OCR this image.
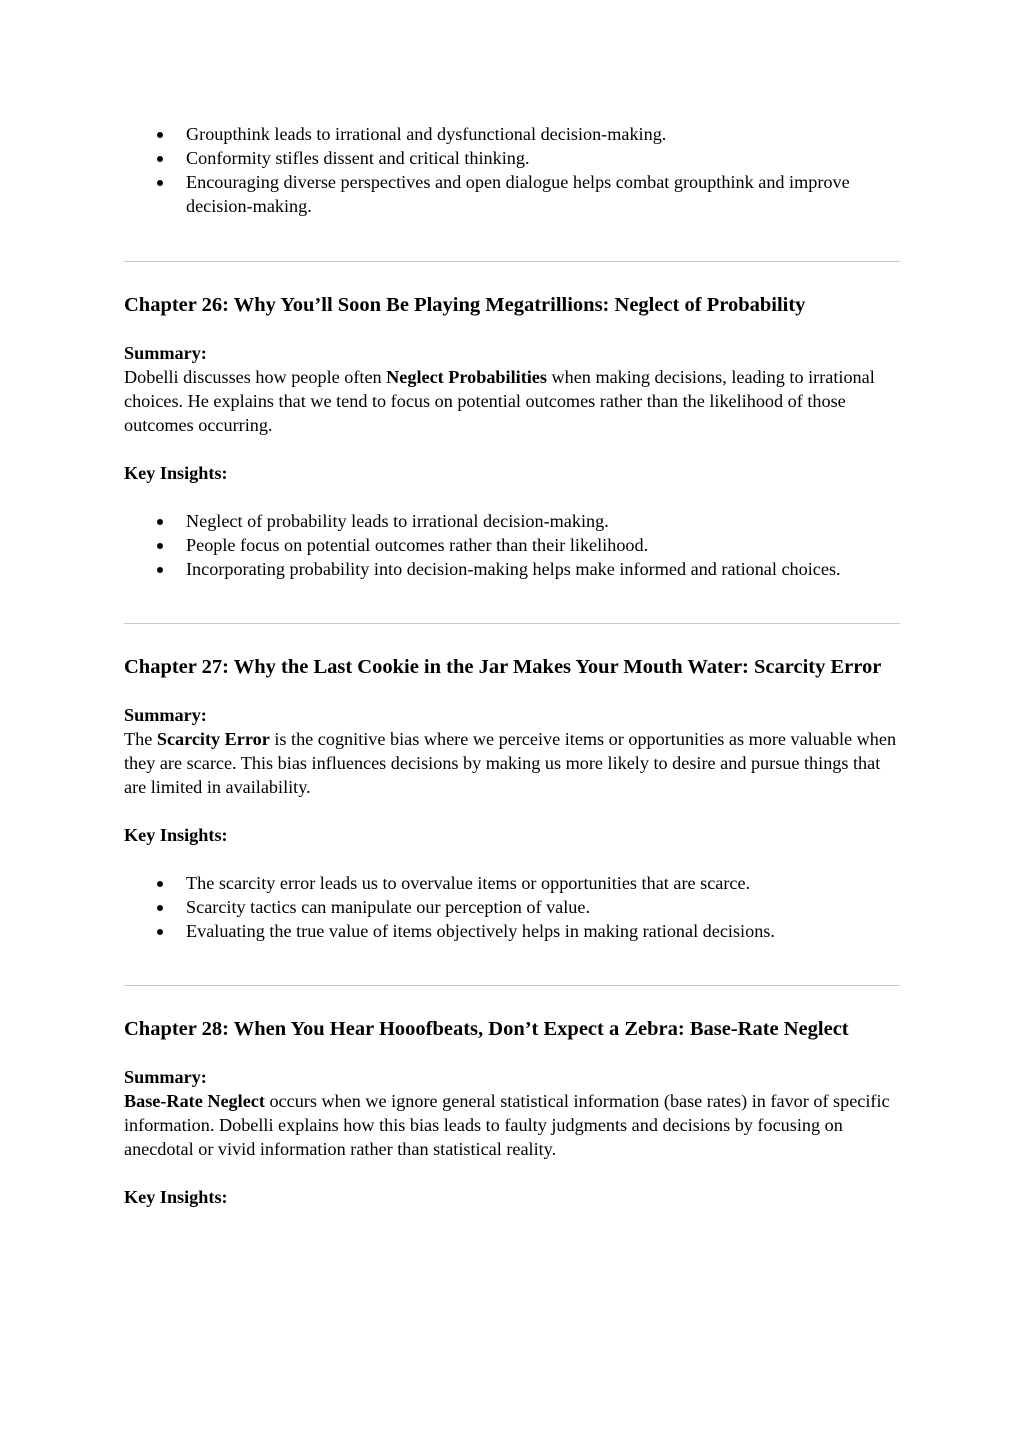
Groupthink leads to irrational and dysfunctional decision-making.
Conformity stifles dissent and critical thinking.
Encouraging diverse perspectives and open dialogue helps combat groupthink and improve decision-making.
Chapter 26: Why You’ll Soon Be Playing Megatrillions: Neglect of Probability
Summary:

Dobelli discusses how people often Neglect Probabilities when making decisions, leading to irrational choices. He explains that we tend to focus on potential outcomes rather than the likelihood of those outcomes occurring.

Key Insights:
Neglect of probability leads to irrational decision-making.
People focus on potential outcomes rather than their likelihood.
Incorporating probability into decision-making helps make informed and rational choices.
Chapter 27: Why the Last Cookie in the Jar Makes Your Mouth Water: Scarcity Error
Summary:

The Scarcity Error is the cognitive bias where we perceive items or opportunities as more valuable when they are scarce. This bias influences decisions by making us more likely to desire and pursue things that are limited in availability.

Key Insights:
The scarcity error leads us to overvalue items or opportunities that are scarce.
Scarcity tactics can manipulate our perception of value.
Evaluating the true value of items objectively helps in making rational decisions.
Chapter 28: When You Hear Hooofbeats, Don’t Expect a Zebra: Base-Rate Neglect
Summary:

Base-Rate Neglect occurs when we ignore general statistical information (base rates) in favor of specific information. Dobelli explains how this bias leads to faulty judgments and decisions by focusing on anecdotal or vivid information rather than statistical reality.

Key Insights:
